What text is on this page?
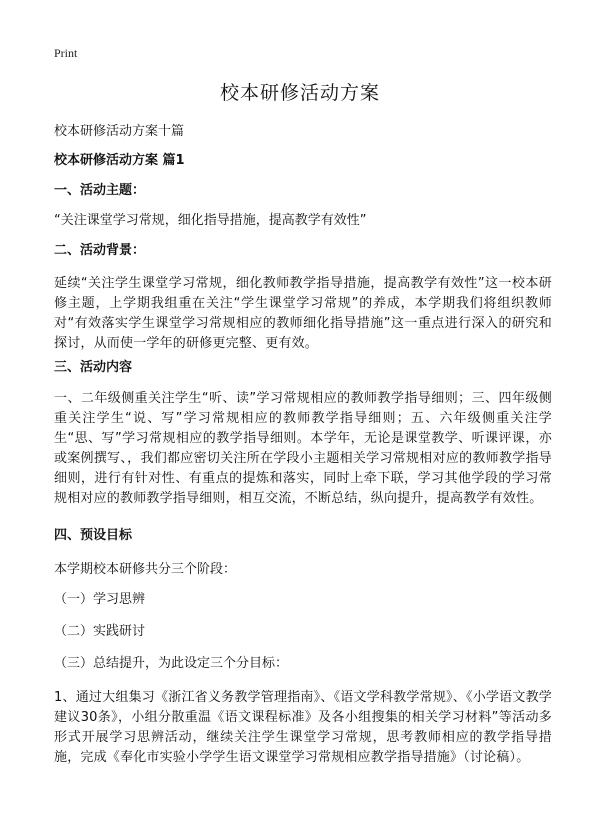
Print
校本研修活动方案

校本研修活动方案十篇

校本研修活动方案 篇1

一、活动主题：

“关注课堂学习常规，细化指导措施，提高教学有效性”

二、活动背景：

延续“关注学生课堂学习常规，细化教师教学指导措施，提高教学有效性”这一校本研修主题，上学期我组重在关注“学生课堂学习常规”的养成，本学期我们将组织教师对“有效落实学生课堂学习常规相应的教师细化指导措施”这一重点进行深入的研究和探讨，从而使一学年的研修更完整、更有效。

三、活动内容

一、二年级侧重关注学生“听、读”学习常规相应的教师教学指导细则；三、四年级侧重关注学生“说、写”学习常规相应的教师教学指导细则；五、六年级侧重关注学生“思、写”学习常规相应的教学指导细则。本学年，无论是课堂教学、听课评课，亦或案例撰写、，我们都应密切关注所在学段小主题相关学习常规相对应的教师教学指导细则，进行有针对性、有重点的提炼和落实，同时上牵下联，学习其他学段的学习常规相对应的教师教学指导细则，相互交流，不断总结，纵向提升，提高教学有效性。

四、预设目标

本学期校本研修共分三个阶段：

（一）学习思辨

（二）实践研讨

（三）总结提升，为此设定三个分目标：

1、通过大组集习《浙江省义务教学管理指南》、《语文学科教学常规》、《小学语文教学建议30条》，小组分散重温《语文课程标准》及各小组搜集的相关学习材料”等活动多形式开展学习思辨活动，继续关注学生课堂学习常规，思考教师相应的教学指导措施，完成《奉化市实验小学学生语文课堂学习常规相应教学指导措施》（讨论稿）。
